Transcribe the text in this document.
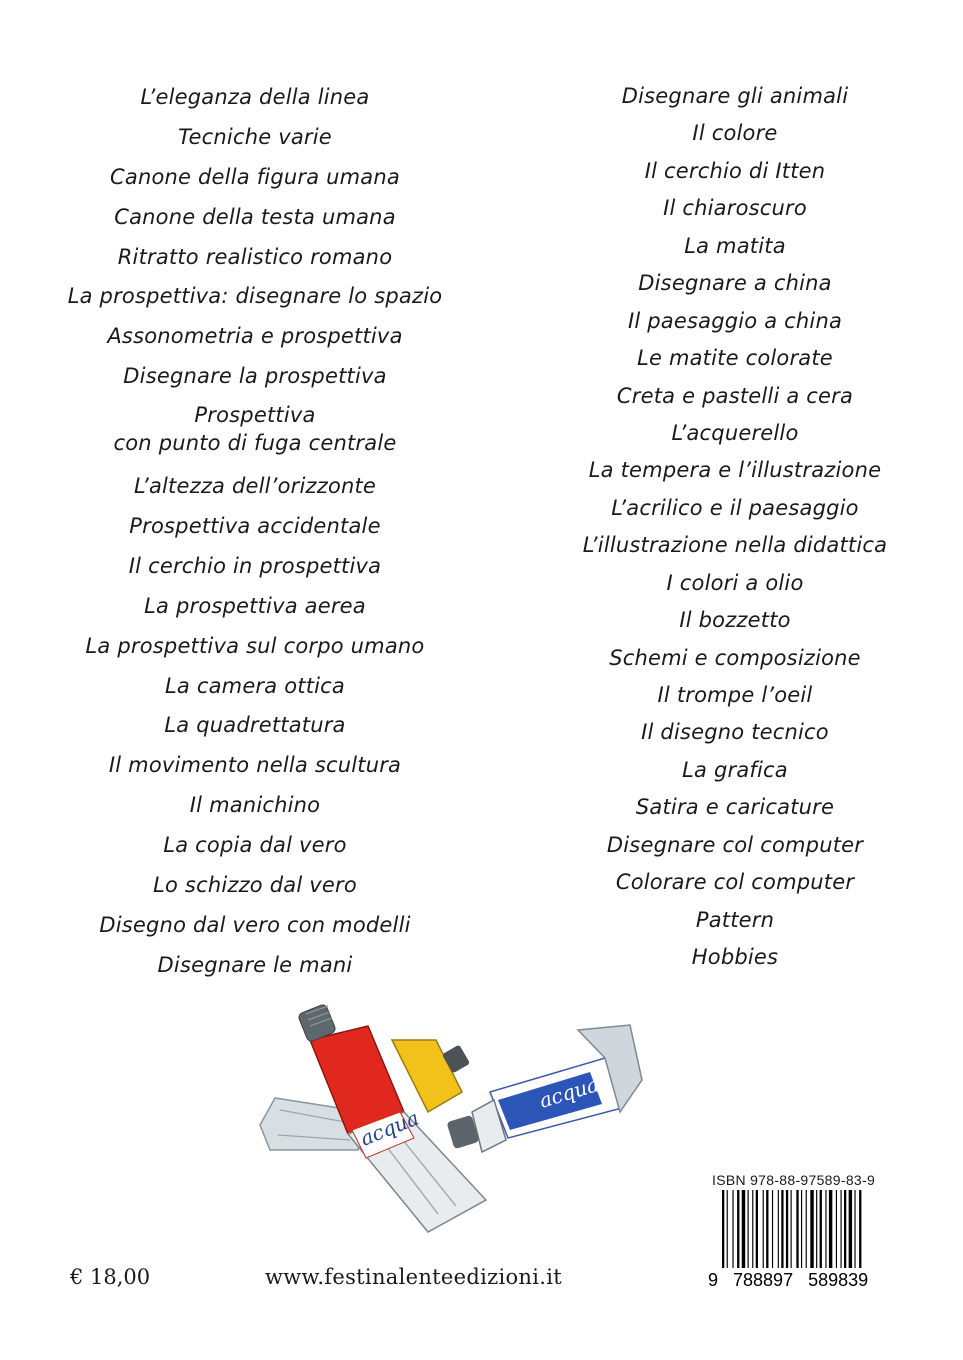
L’eleganza della linea
Tecniche varie
Canone della figura umana
Canone della testa umana
Ritratto realistico romano
La prospettiva: disegnare lo spazio
Assonometria e prospettiva
Disegnare la prospettiva
Prospettiva
con punto di fuga centrale
L’altezza dell’orizzonte
Prospettiva accidentale
Il cerchio in prospettiva
La prospettiva aerea
La prospettiva sul corpo umano
La camera ottica
La quadrettatura
Il movimento nella scultura
Il manichino
La copia dal vero
Lo schizzo dal vero
Disegno dal vero con modelli
Disegnare le mani
Disegnare gli animali
Il colore
Il cerchio di Itten
Il chiaroscuro
La matita
Disegnare a china
Il paesaggio a china
Le matite colorate
Creta e pastelli a cera
L’acquerello
La tempera e l’illustrazione
L’acrilico e il paesaggio
L’illustrazione nella didattica
I colori a olio
Il bozzetto
Schemi e composizione
Il trompe l’oeil
Il disegno tecnico
La grafica
Satira e caricature
Disegnare col computer
Colorare col computer
Pattern
Hobbies
acqua
acqua
€ 18,00	www.festinalenteedizioni.it
ISBN 978-88-97589-83-9
9   788897   589839
